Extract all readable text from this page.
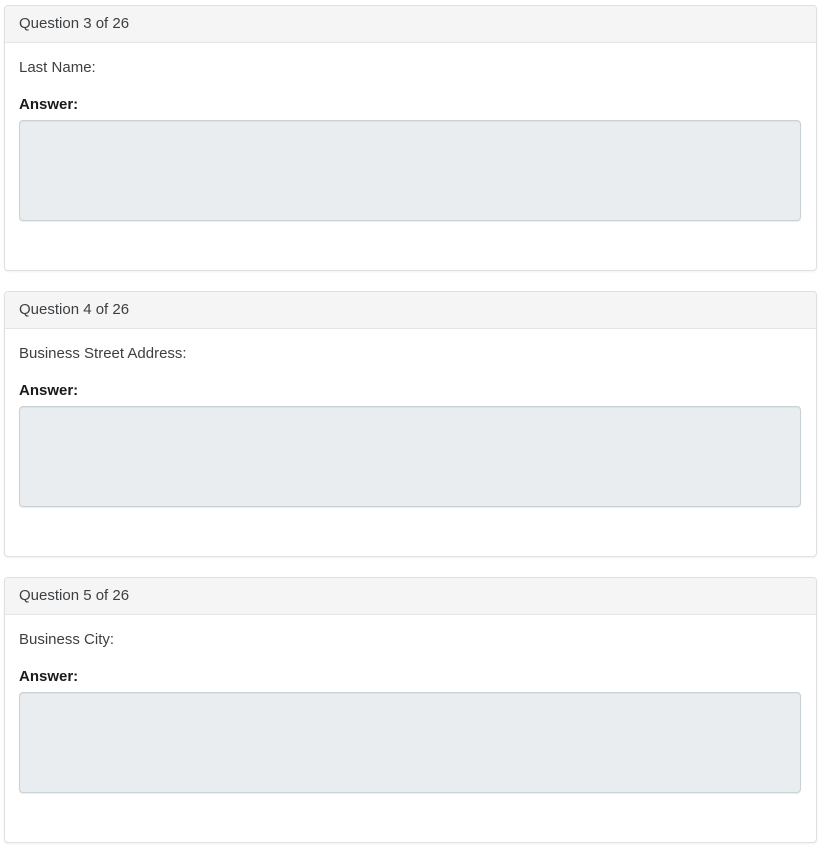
Question 3 of 26
Last Name:
Answer:
Question 4 of 26
Business Street Address:
Answer:
Question 5 of 26
Business City:
Answer:
